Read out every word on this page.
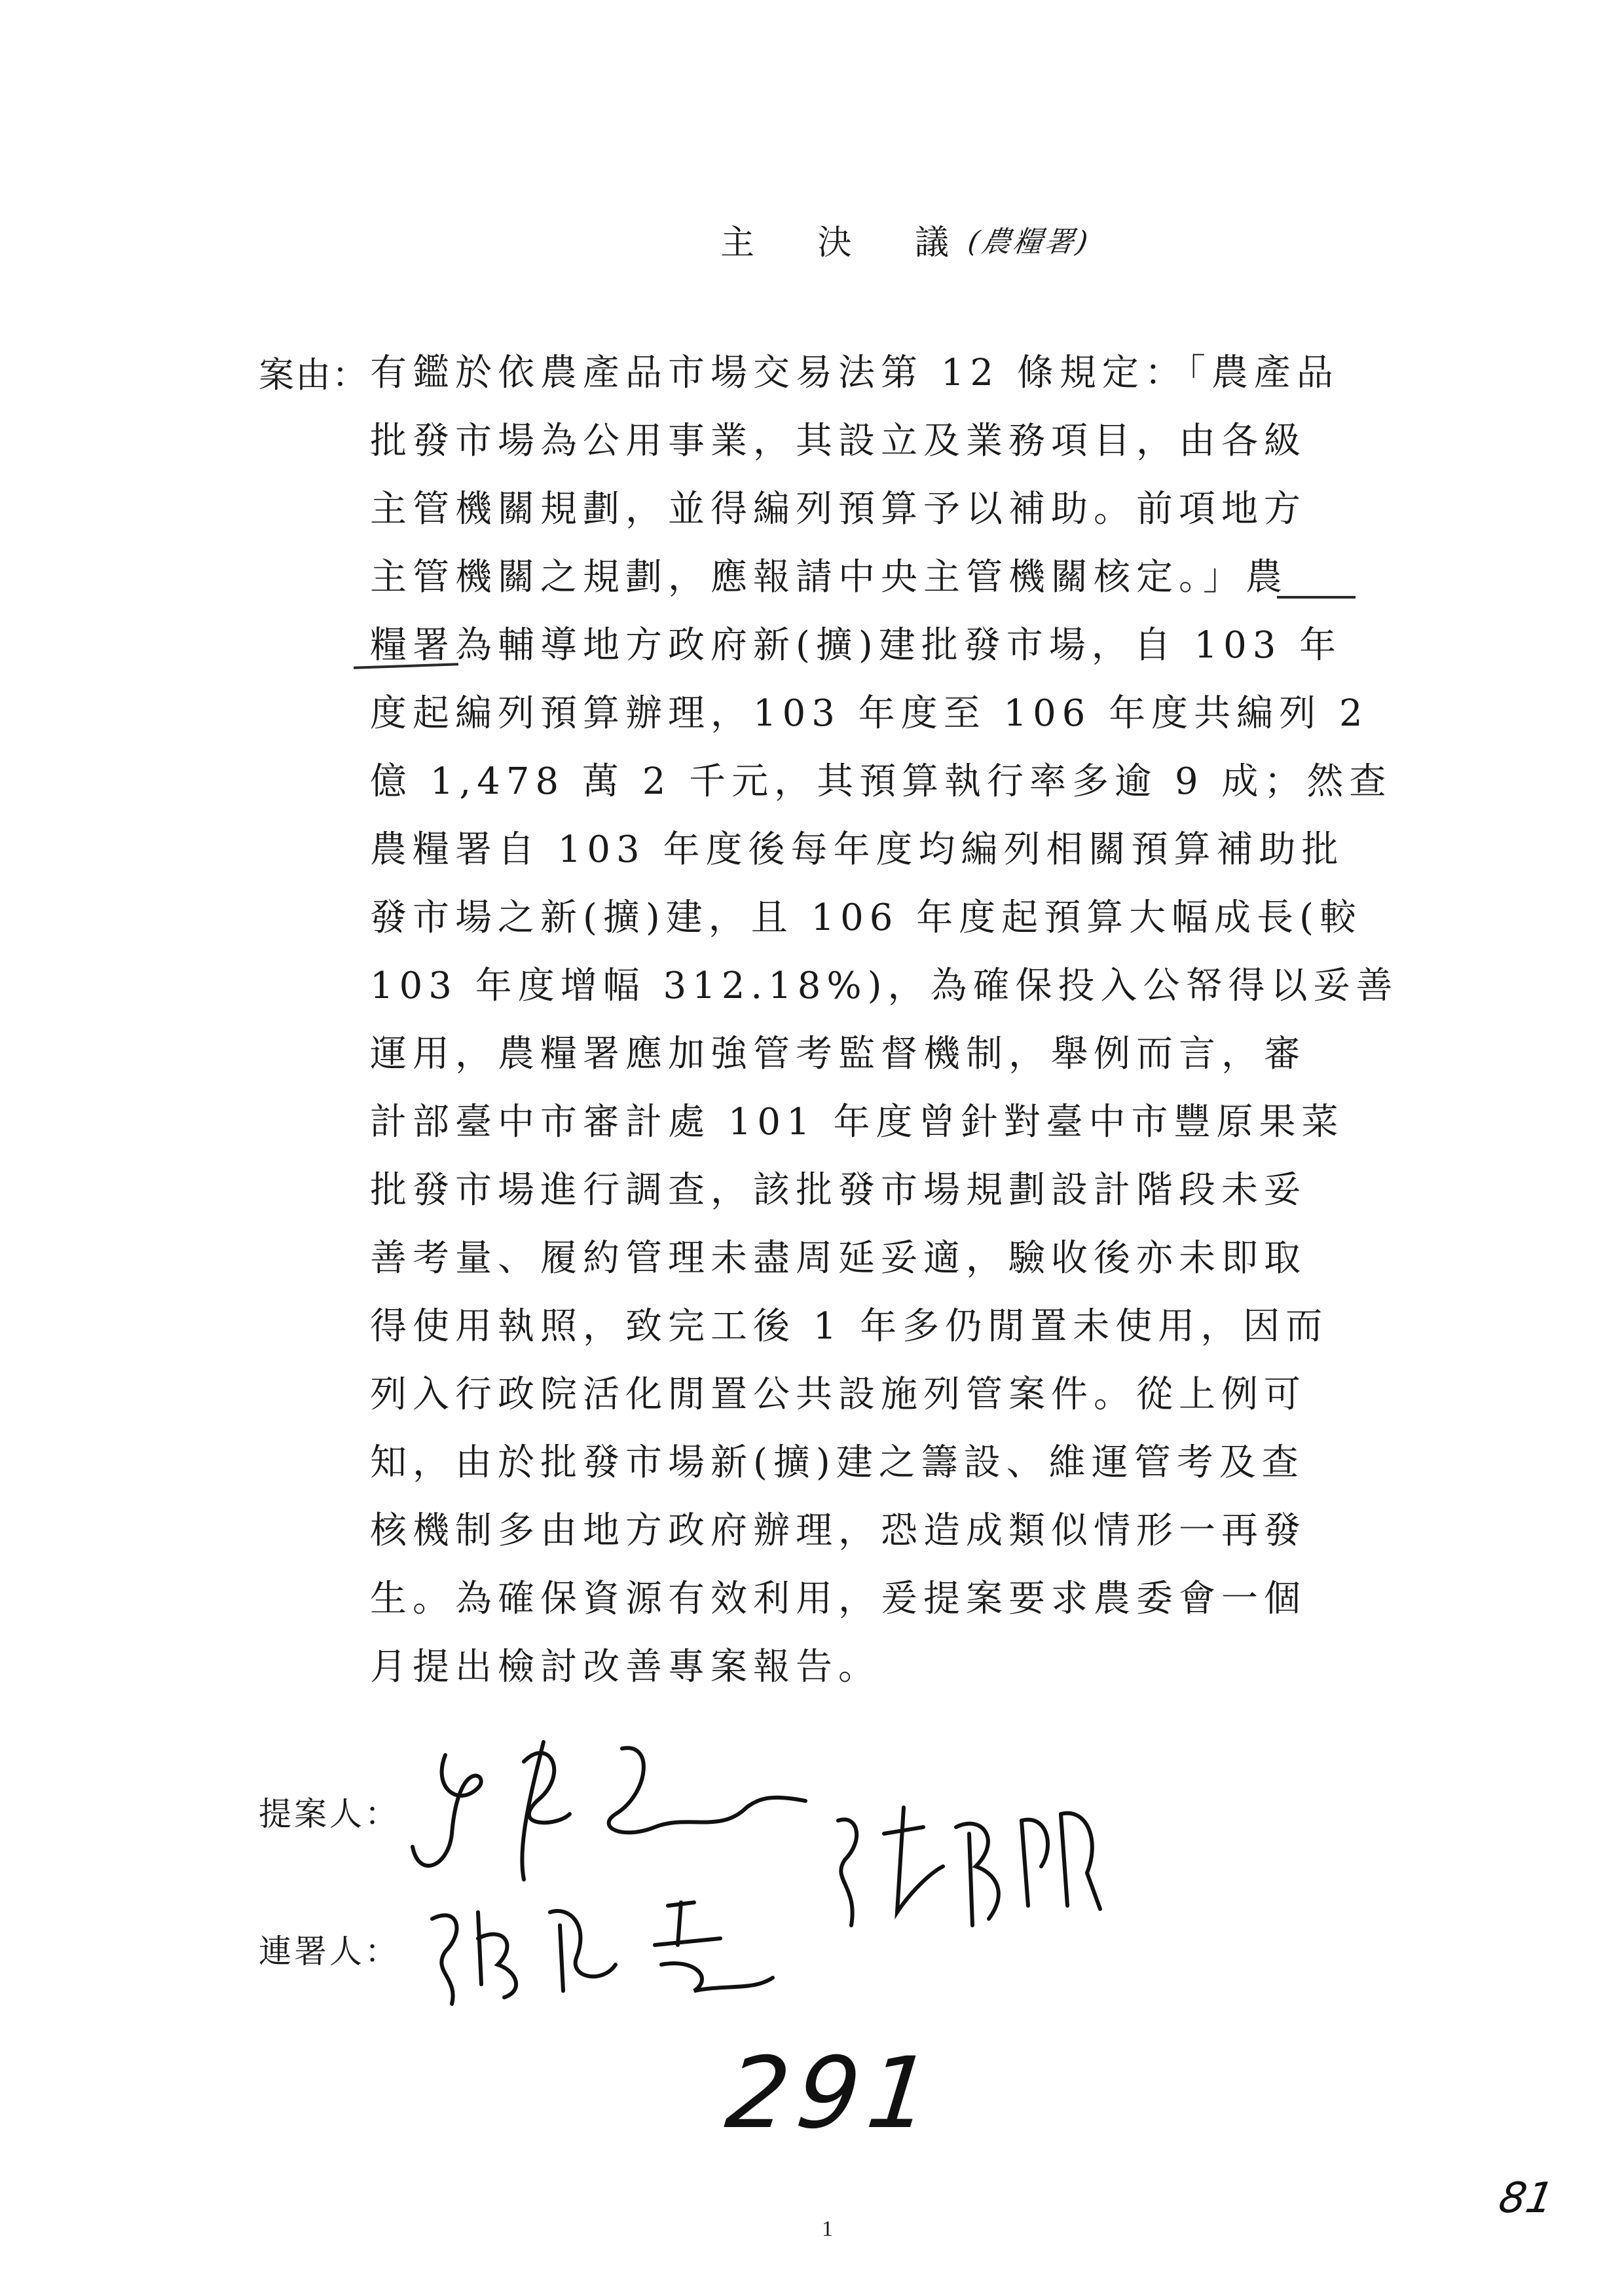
主 決 議
(農糧署)
案由： 有鑑於依農產品市場交易法第 12 條規定：「農產品
批發市場為公用事業，其設立及業務項目，由各級
主管機關規劃，並得編列預算予以補助。前項地方
主管機關之規劃，應報請中央主管機關核定。」農
糧署為輔導地方政府新(擴)建批發市場，自 103 年
度起編列預算辦理，103 年度至 106 年度共編列 2
億 1,478 萬 2 千元，其預算執行率多逾 9 成；然查
農糧署自 103 年度後每年度均編列相關預算補助批
發市場之新(擴)建，且 106 年度起預算大幅成長(較
103 年度增幅 312.18%)，為確保投入公帑得以妥善
運用，農糧署應加強管考監督機制，舉例而言，審
計部臺中市審計處 101 年度曾針對臺中市豐原果菜
批發市場進行調查，該批發市場規劃設計階段未妥
善考量、履約管理未盡周延妥適，驗收後亦未即取
得使用執照，致完工後 1 年多仍閒置未使用，因而
列入行政院活化閒置公共設施列管案件。從上例可
知，由於批發市場新(擴)建之籌設、維運管考及查
核機制多由地方政府辦理，恐造成類似情形一再發
生。為確保資源有效利用，爰提案要求農委會一個
月提出檢討改善專案報告。
提案人：
連署人：
291
81
1
